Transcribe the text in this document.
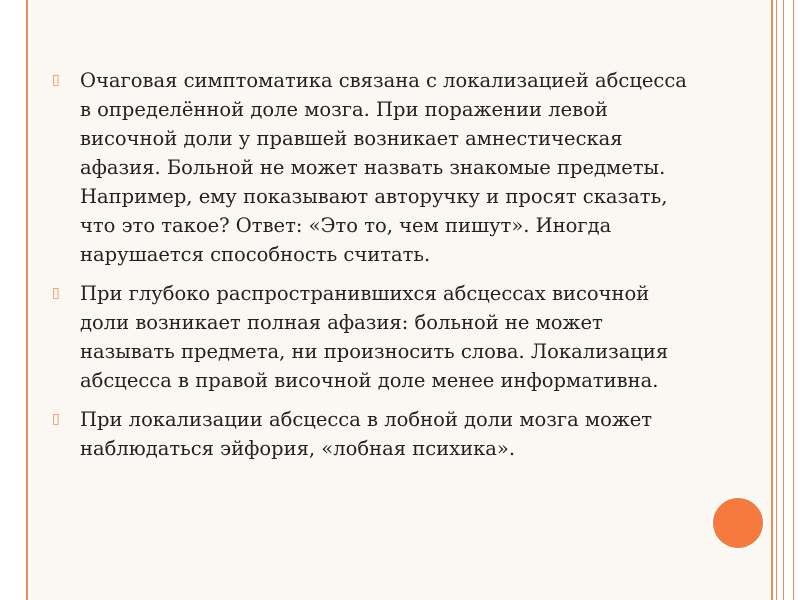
▯ Очаговая симптоматика связана с локализацией абсцесса
в определённой доле мозга. При поражении левой
височной доли у правшей возникает амнестическая
афазия. Больной не может назвать знакомые предметы.
Например, ему показывают авторучку и просят сказать,
что это такое? Ответ: «Это то, чем пишут». Иногда
нарушается способность считать.
▯ При глубоко распространившихся абсцессах височной
доли возникает полная афазия: больной не может
называть предмета, ни произносить слова. Локализация
абсцесса в правой височной доле менее информативна.
▯ При локализации абсцесса в лобной доли мозга может
наблюдаться эйфория, «лобная психика».
